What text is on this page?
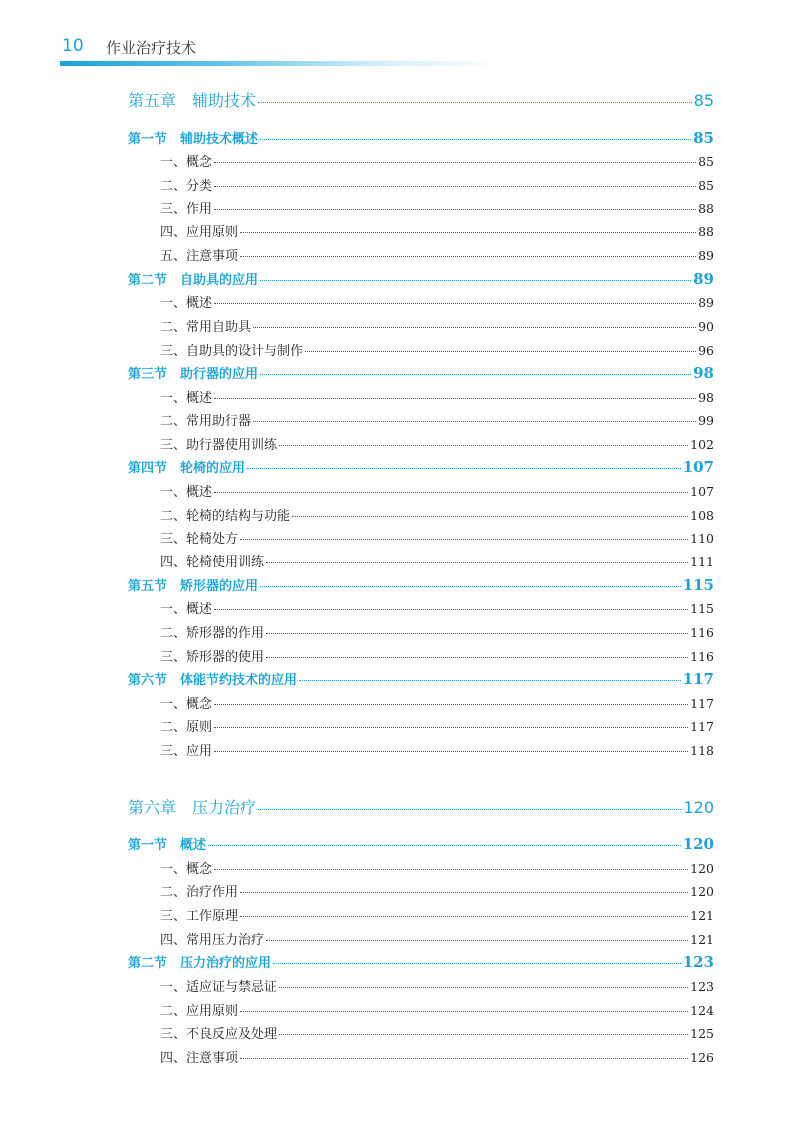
10 作业治疗技术
第五章　辅助技术	85
第一节　辅助技术概述	85
一、概念	85
二、分类	85
三、作用	88
四、应用原则	88
五、注意事项	89
第二节　自助具的应用	89
一、概述	89
二、常用自助具	90
三、自助具的设计与制作	96
第三节　助行器的应用	98
一、概述	98
二、常用助行器	99
三、助行器使用训练	102
第四节　轮椅的应用	107
一、概述	107
二、轮椅的结构与功能	108
三、轮椅处方	110
四、轮椅使用训练	111
第五节　矫形器的应用	115
一、概述	115
二、矫形器的作用	116
三、矫形器的使用	116
第六节　体能节约技术的应用	117
一、概念	117
二、原则	117
三、应用	118
第六章　压力治疗	120
第一节　概述	120
一、概念	120
二、治疗作用	120
三、工作原理	121
四、常用压力治疗	121
第二节　压力治疗的应用	123
一、适应证与禁忌证	123
二、应用原则	124
三、不良反应及处理	125
四、注意事项	126
